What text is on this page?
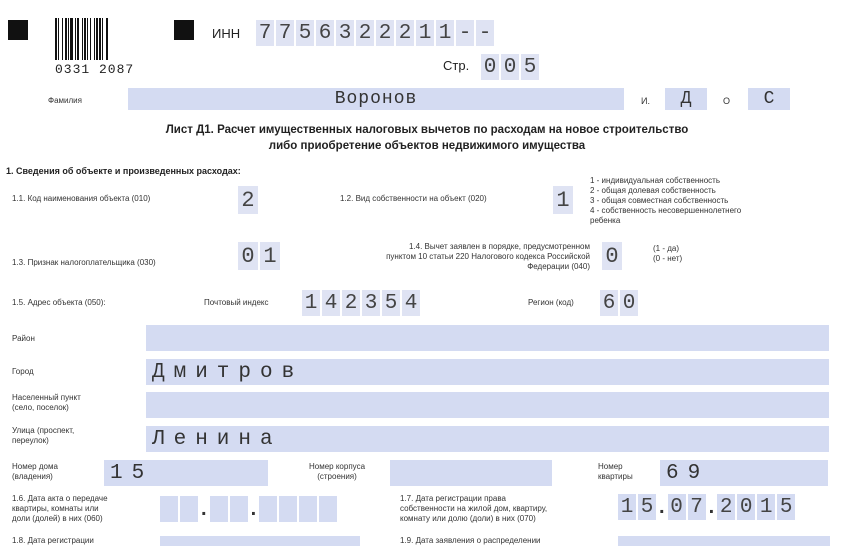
0331 2087
ИНН 7 7 5 6 3 2 2 2 1 1 - -
Стр. 0 0 5
Фамилия	Воронов	И. Д	О С
Лист Д1. Расчет имущественных налоговых вычетов по расходам на новое строительство
либо приобретение объектов недвижимого имущества
1. Сведения об объекте и произведенных расходах:
1.1. Код наименования объекта (010)	2	1.2. Вид собственности на объект (020)	1
1 - индивидуальная собственность
2 - общая долевая собственность
3 - общая совместная собственность
4 - собственность несовершеннолетнего
ребенка
1.3. Признак налогоплательщика (030)	0 1	1.4. Вычет заявлен в порядке, предусмотренном
пунктом 10 статьи 220 Налогового кодекса Российской
Федерации (040) 0	(1 - да)
(0 - нет)
1.5. Адрес объекта (050):	Почтовый индекс 1 4 2 3 5 4	Регион (код) 6 0
Район
Город	Дмитров
Населенный пункт
(село, поселок)
Улица (проспект,
переулок)	Ленина
Номер дома
(владения)	15	Номер корпуса
(строения)
Номер
квартиры 69
1.6. Дата акта о передаче
квартиры, комнаты или
доли (долей) в них (060)	. .	1.7. Дата регистрации права
собственности на жилой дом, квартиру,
комнату или долю (доли) в них (070)	1 5 . 0 7 . 2 0 1 5
1.8. Дата регистрации	1.9. Дата заявления о распределении
